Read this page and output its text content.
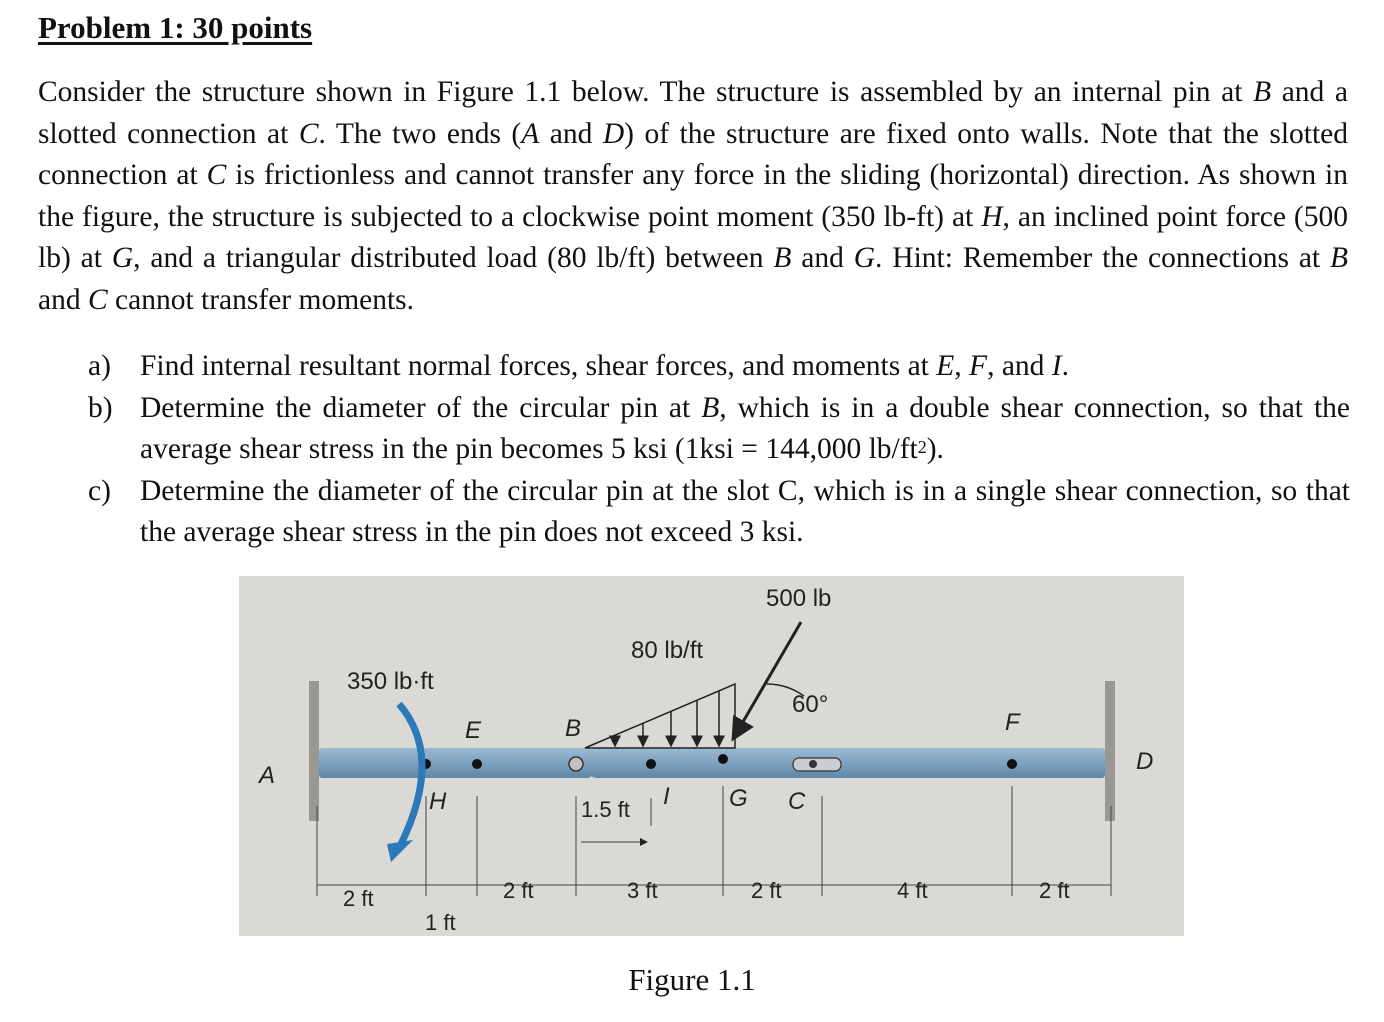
Problem 1: 30 points
Consider the structure shown in Figure 1.1 below. The structure is assembled by an internal pin at B and a slotted connection at C. The two ends (A and D) of the structure are fixed onto walls. Note that the slotted connection at C is frictionless and cannot transfer any force in the sliding (horizontal) direction. As shown in the figure, the structure is subjected to a clockwise point moment (350 lb-ft) at H, an inclined point force (500 lb) at G, and a triangular distributed load (80 lb/ft) between B and G. Hint: Remember the connections at B and C cannot transfer moments.
a) Find internal resultant normal forces, shear forces, and moments at E, F, and I.
b) Determine the diameter of the circular pin at B, which is in a double shear connection, so that the average shear stress in the pin becomes 5 ksi (1ksi = 144,000 $lb/ft^2$).
c) Determine the diameter of the circular pin at the slot C, which is in a single shear connection, so that the average shear stress in the pin does not exceed 3 ksi.
500 lb
80 lb/ft
350 lb·ft
60°
A
B
E	F
D
H	I G C
1.5 ft
2 ft
1 ft
2 ft	3 ft	2 ft	4 ft	2 ft
Figure 1.1
